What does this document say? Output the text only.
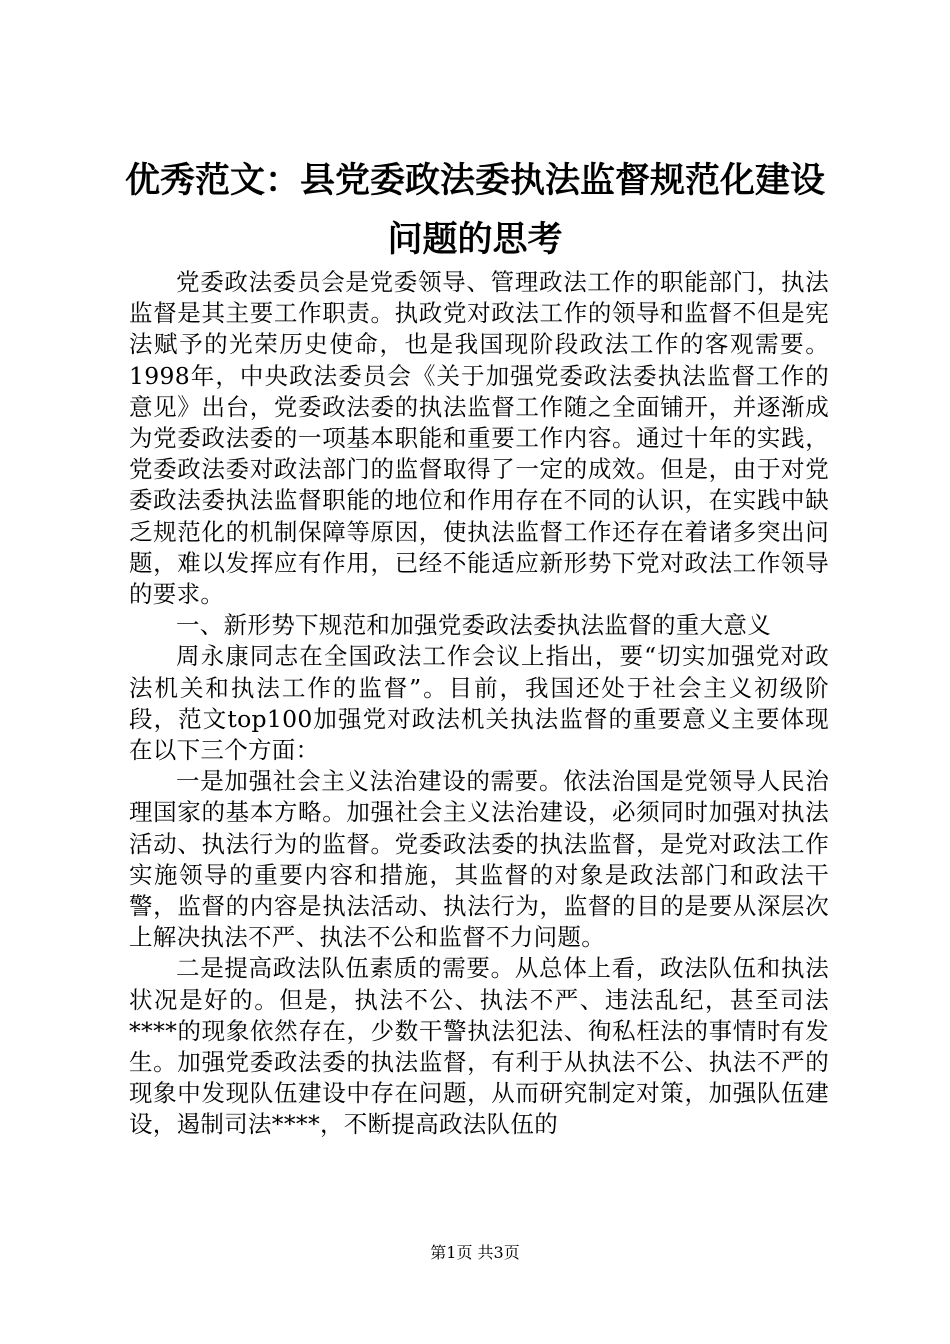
优秀范文：县党委政法委执法监督规范化建设
问题的思考

党委政法委员会是党委领导、管理政法工作的职能部门，执法监督是其主要工作职责。执政党对政法工作的领导和监督不但是宪法赋予的光荣历史使命，也是我国现阶段政法工作的客观需要。1998年，中央政法委员会《关于加强党委政法委执法监督工作的意见》出台，党委政法委的执法监督工作随之全面铺开，并逐渐成为党委政法委的一项基本职能和重要工作内容。通过十年的实践，党委政法委对政法部门的监督取得了一定的成效。但是，由于对党委政法委执法监督职能的地位和作用存在不同的认识，在实践中缺乏规范化的机制保障等原因，使执法监督工作还存在着诸多突出问题，难以发挥应有作用，已经不能适应新形势下党对政法工作领导的要求。

一、新形势下规范和加强党委政法委执法监督的重大意义

周永康同志在全国政法工作会议上指出，要“切实加强党对政法机关和执法工作的监督”。目前，我国还处于社会主义初级阶段，范文top100加强党对政法机关执法监督的重要意义主要体现在以下三个方面：

一是加强社会主义法治建设的需要。依法治国是党领导人民治理国家的基本方略。加强社会主义法治建设，必须同时加强对执法活动、执法行为的监督。党委政法委的执法监督，是党对政法工作实施领导的重要内容和措施，其监督的对象是政法部门和政法干警，监督的内容是执法活动、执法行为，监督的目的是要从深层次上解决执法不严、执法不公和监督不力问题。

二是提高政法队伍素质的需要。从总体上看，政法队伍和执法状况是好的。但是，执法不公、执法不严、违法乱纪，甚至司法****的现象依然存在，少数干警执法犯法、徇私枉法的事情时有发生。加强党委政法委的执法监督，有利于从执法不公、执法不严的现象中发现队伍建设中存在问题，从而研究制定对策，加强队伍建设，遏制司法****，不断提高政法队伍的

第1页 共3页
